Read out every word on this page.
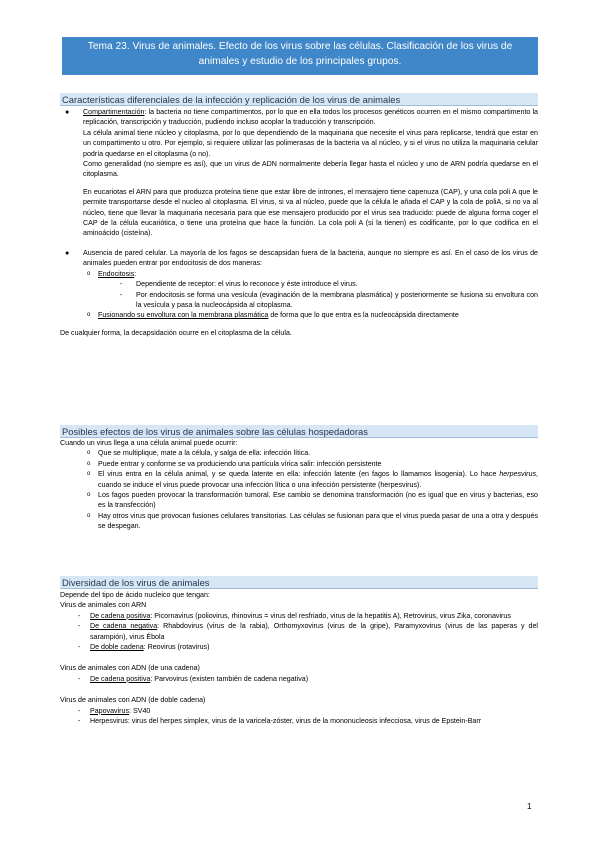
Tema 23. Virus de animales. Efecto de los virus sobre las células. Clasificación de los virus de animales y estudio de los principales grupos.
Características diferenciales de la infección y replicación de los virus de animales
● Compartimentación: la bacteria no tiene compartimentos, por lo que en ella todos los procesos genéticos ocurren en el mismo compartimento la replicación, transcripción y traducción, pudiendo incluso acoplar la traducción y transcripción.

La célula animal tiene núcleo y citoplasma, por lo que dependiendo de la maquinaria que necesite el virus para replicarse, tendrá que estar en un compartimento u otro. Por ejemplo, si requiere utilizar las polimerasas de la bacteria va al núcleo, y si el virus no utiliza la maquinaria celular podría quedarse en el citoplasma (o no).

Como generalidad (no siempre es así), que un virus de ADN normalmente debería llegar hasta el núcleo y uno de ARN podría quedarse en el citoplasma.

En eucariotas el ARN para que produzca proteína tiene que estar libre de intrones, el mensajero tiene capenuza (CAP), y una cola poli A que le permite transportarse desde el nucleo al citoplasma. El virus, si va al núcleo, puede que la célula le añada el CAP y la cola de poliA, si no va al núcleo, tiene que llevar la maquinaria necesaria para que ese mensajero producido por el virus sea traducido: puede de alguna forma coger el CAP de la célula eucariótica, o tiene una proteína que hace la función. La cola poli A (si la tienen) es codificante, por lo que codifica en el aminoácido (cisteína).

● Ausencia de pared celular. La mayoría de los fagos se descapsidan fuera de la bacteria, aunque no siempre es así. En el caso de los virus de animales pueden entrar por endocitosis de dos maneras:

o Endocitosis:

- Dependiente de receptor: el virus lo reconoce y éste introduce el virus.

- Por endocitosis se forma una vesícula (evaginación de la membrana plasmática) y posteriormente se fusiona su envoltura con la vesícula y pasa la nucleocápsida al citoplasma.

o Fusionando su envoltura con la membrana plasmática de forma que lo que entra es la nucleocápsida directamente

De cualquier forma, la decapsidación ocurre en el citoplasma de la célula.

Posibles efectos de los virus de animales sobre las células hospedadoras

Cuando un virus llega a una célula animal puede ocurrir:

o Que se multiplique, mate a la célula, y salga de ella: infección lítica.

o Puede entrar y conforme se va produciendo una partícula vírica salir: infección persistente

o El virus entra en la célula animal, y se queda latente en ella: infección latente (en fagos lo llamamos lisogenia). Lo hace herpesvirus, cuando se induce el virus puede provocar una infección lítica o una infección persistente (herpesvirus).

o Los fagos pueden provocar la transformación tumoral. Ese cambio se denomina transformación (no es igual que en virus y bacterias, eso es la transfección)

o Hay otros virus que provocan fusiones celulares transitorias. Las células se fusionan para que el virus pueda pasar de una a otra y después se despegan.

Diversidad de los virus de animales

Depende del tipo de ácido nucleico que tengan:

Virus de animales con ARN

- De cadena positiva: Picornavirus (poliovirus, rhinovirus = virus del resfriado, virus de la hepatitis A), Retrovirus, virus Zika, coronavirus

- De cadena negativa: Rhabdovirus (virus de la rabia), Orthomyxovirus (virus de la gripe), Paramyxovirus (virus de las paperas y del sarampión), virus Ébola

- De doble cadena: Reovirus (rotavirus)

Virus de animales con ADN (de una cadena)

- De cadena positiva: Parvovirus (existen también de cadena negativa)

Virus de animales con ADN (de doble cadena)

- Papovavirus: SV40

- Herpesvirus: virus del herpes simplex, virus de la varicela-zóster, virus de la mononucleosis infecciosa, virus de Epstein-Barr

1
